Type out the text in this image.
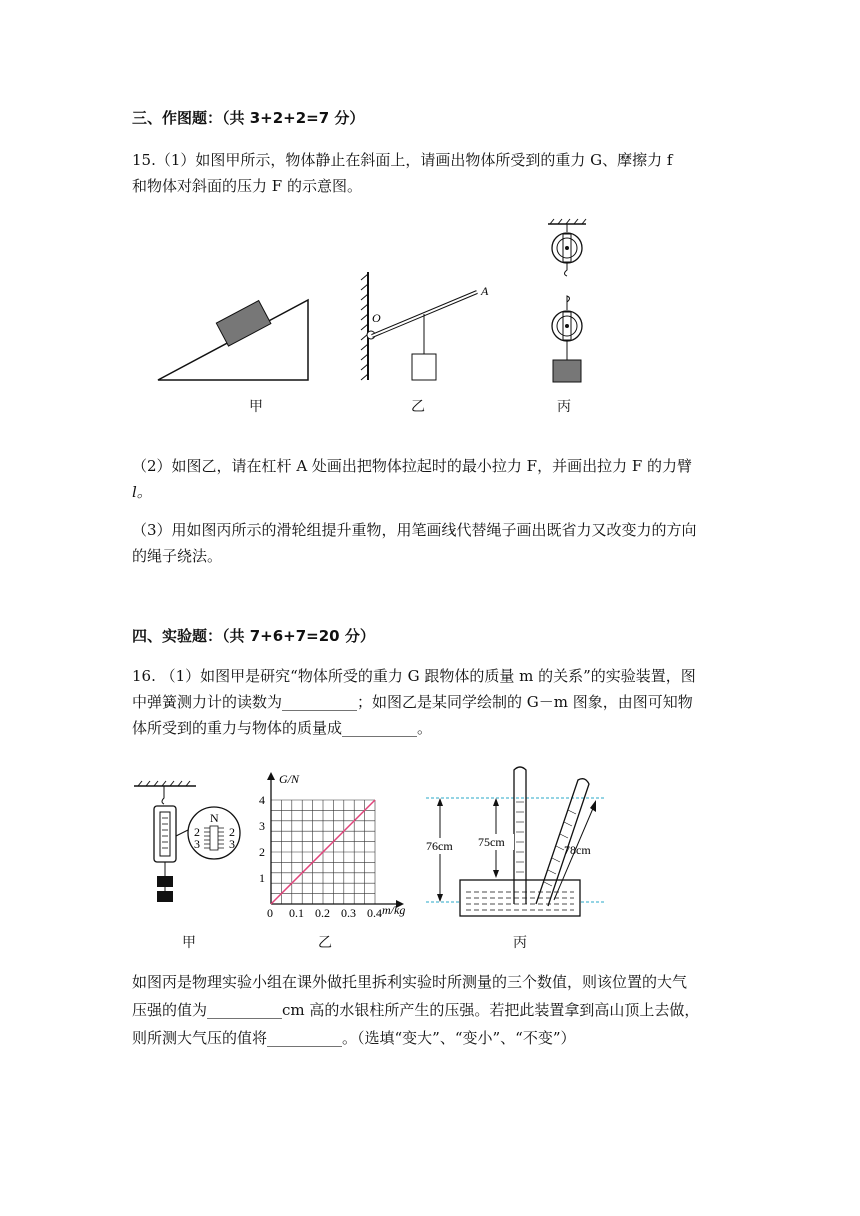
三、作图题：（共 3+2+2=7 分）
15.（1）如图甲所示，物体静止在斜面上，请画出物体所受到的重力 G、摩擦力 f
和物体对斜面的压力 F 的示意图。
甲
O
A
乙	丙
（2）如图乙，请在杠杆 A 处画出把物体拉起时的最小拉力 F，并画出拉力 F 的力臂
l。
（3）用如图丙所示的滑轮组提升重物，用笔画线代替绳子画出既省力又改变力的方向
的绳子绕法。
四、实验题：（共 7+6+7=20 分）
16. （1）如图甲是研究“物体所受的重力 G 跟物体的质量 m 的关系”的实验装置，图
中弹簧测力计的读数为__________；如图乙是某同学绘制的 G－m 图象，由图可知物
体所受到的重力与物体的质量成__________。
N
2
3
2
3
甲
G/N
m/kg
0 0.1 0.2 0.3 0.4
1
2
3
4
乙
76cm 75cm
78cm
丙
如图丙是物理实验小组在课外做托里拆利实验时所测量的三个数值，则该位置的大气
压强的值为__________cm 高的水银柱所产生的压强。若把此装置拿到高山顶上去做，
则所测大气压的值将__________。（选填“变大”、“变小”、“不变”）
